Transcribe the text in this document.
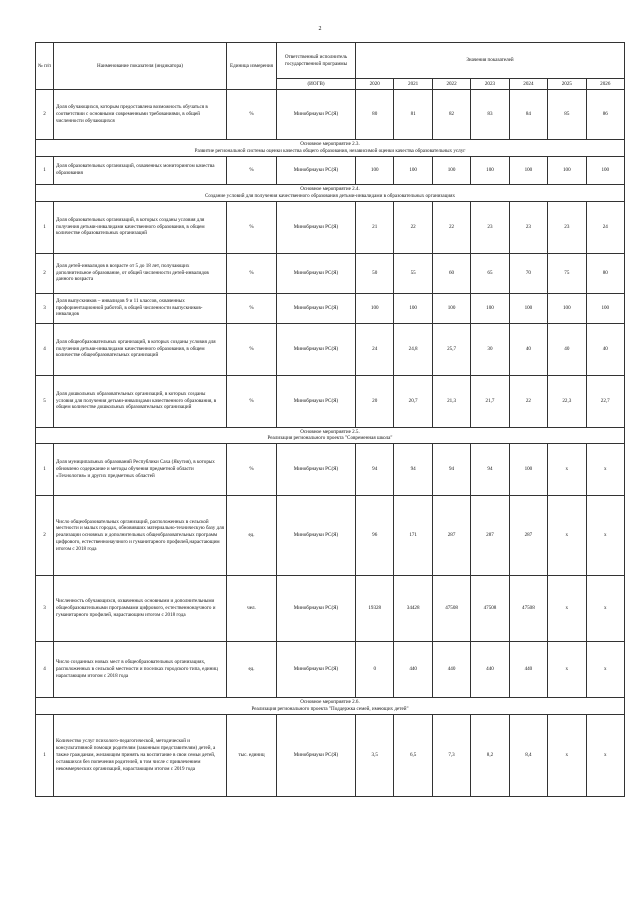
2
№ п/п	Наименование показателя (индикатора)	Единица измерения	Ответственный исполнитель государственной программы	Значения показателей						
			(ИОГВ)	2020	2021	2022	2023	2024	2025	2026
2	Доля обучающихся, которым предоставлена возможность обучаться в соответствии с основными современными требованиями, в общей численности обучающихся	%	Минобрнауки РС(Я)	80	81	82	83	84	85	86
Основное мероприятие 2.3.
Развитие региональной системы оценки качества общего образования, независимой оценки качества образовательных услуг										
1	Доля образовательных организаций, охваченных мониторингом качества образования	%	Минобрнауки РС(Я)	100	100	100	100	100	100	100
Основное мероприятие 2.4.
Создание условий для получения качественного образования детьми-инвалидами в образовательных организациях										
1	Доля образовательных организаций, в которых созданы условия для получения детьми-инвалидами качественного образования, в общем количестве образовательных организаций	%	Минобрнауки РС(Я)	21	22	22	23	23	23	24
2	Доля детей-инвалидов в возрасте от 5 до 18 лет, получающих дополнительное образование, от общей численности детей-инвалидов данного возраста	%	Минобрнауки РС(Я)	50	55	60	65	70	75	80
3	Доля выпускников – инвалидов 9 и 11 классов, охваченных профориентационной работой, в общей численности выпускников-инвалидов	%	Минобрнауки РС(Я)	100	100	100	100	100	100	100
4	Доля общеобразовательных организаций, в которых созданы условия для получения детьми-инвалидами качественного образования, в общем количестве общеобразовательных организаций	%	Минобрнауки РС(Я)	24	24,8	25,7	30	40	40	40
5	Доля дошкольных образовательных организаций, в которых созданы условия для получения детьми-инвалидами качественного образования, в общем количестве дошкольных образовательных организаций	%	Минобрнауки РС(Я)	20	20,7	21,3	21,7	22	22,3	22,7
Основное мероприятие 2.5.
Реализация регионального проекта "Современная школа"										
1	Доля муниципальных образований Республики Саха (Якутия), в которых обновлено содержание и методы обучения предметной области «Технология» и других предметных областей	%	Минобрнауки РС(Я)	94	94	94	94	100	х	х
2	Число общеобразовательных организаций, расположенных в сельской местности и малых городах, обновивших материально-техническую базу для реализации основных и дополнительных общеобразовательных программ цифрового, естественнонаучного и гуманитарного профилей,нарастающим итогом с 2018 года	ед.	Минобрнауки РС(Я)	96	171	287	287	287	х	х
3	Численность обучающихся, охваченных основными и дополнительными общеобразовательными программами цифрового, естественнонаучного и гуманитарного профилей, нарастающим итогом с 2018 года	чел.	Минобрнауки РС(Я)	19328	34428	47508	47508	47508	х	х
4	Число созданных новых мест в общеобразовательных организациях, расположенных в сельской местности и поселках городского типа, единиц нарастающим итогом с 2018 года	ед.	Минобрнауки РС(Я)	0	440	440	440	440	х	х
Основное мероприятие 2.6.
Реализация регионального проекта "Поддержка семей, имеющих детей"										
1	Количество услуг психолого-педагогической, методической и консультативной помощи родителям (законным представителям) детей, а также гражданам, желающим принять на воспитание в свои семьи детей, оставшихся без попечения родителей, в том числе с привлечением некоммерческих организаций, нарастающим итогом с 2019 года	тыс. единиц	Минобрнауки РС(Я)	3,5	6,5	7,3	8,2	8,4	х	х
